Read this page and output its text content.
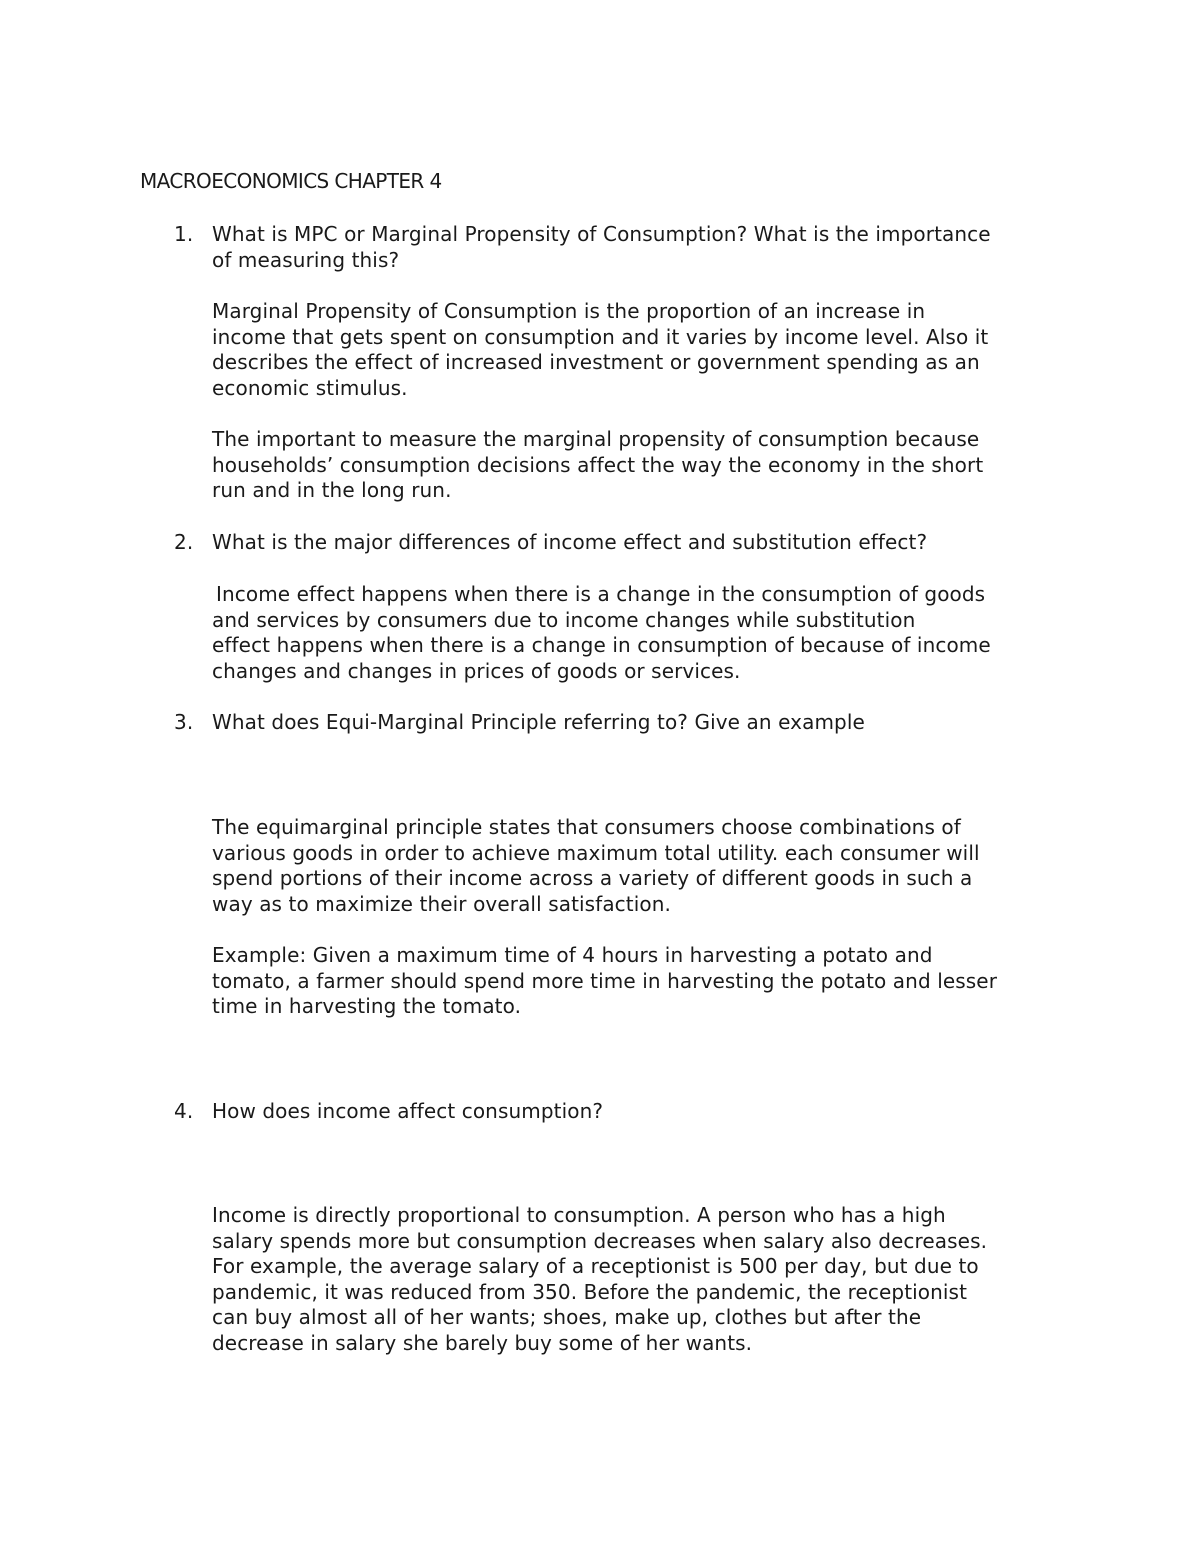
MACROECONOMICS CHAPTER 4

1. What is MPC or Marginal Propensity of Consumption? What is the importance

of measuring this?

Marginal Propensity of Consumption is the proportion of an increase in

income that gets spent on consumption and it varies by income level. Also it

describes the effect of increased investment or government spending as an

economic stimulus.

The important to measure the marginal propensity of consumption because

households’ consumption decisions affect the way the economy in the short

run and in the long run.

2. What is the major differences of income effect and substitution effect?

Income effect happens when there is a change in the consumption of goods

and services by consumers due to income changes while substitution

effect happens when there is a change in consumption of because of income

changes and changes in prices of goods or services.

3. What does Equi-Marginal Principle referring to? Give an example

The equimarginal principle states that consumers choose combinations of

various goods in order to achieve maximum total utility. each consumer will

spend portions of their income across a variety of different goods in such a

way as to maximize their overall satisfaction.

Example: Given a maximum time of 4 hours in harvesting a potato and

tomato, a farmer should spend more time in harvesting the potato and lesser

time in harvesting the tomato.

4. How does income affect consumption?

Income is directly proportional to consumption. A person who has a high

salary spends more but consumption decreases when salary also decreases.

For example, the average salary of a receptionist is 500 per day, but due to

pandemic, it was reduced from 350. Before the pandemic, the receptionist

can buy almost all of her wants; shoes, make up, clothes but after the

decrease in salary she barely buy some of her wants.
